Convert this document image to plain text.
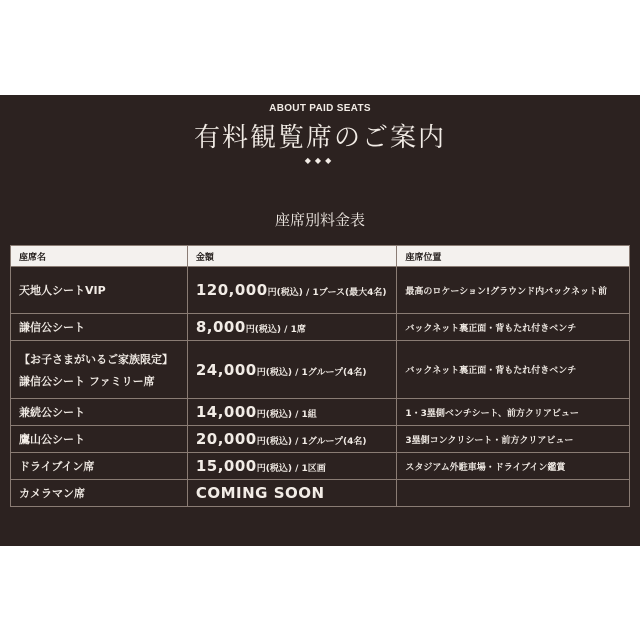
ABOUT PAID SEATS
有料観覧席のご案内
◆◆◆
座席別料金表
座席名	金額	座席位置

天地人シートVIP	120,000円(税込) / 1ブース(最大4名)	最高のロケーション!グラウンド内バックネット前

謙信公シート	8,000円(税込) / 1席	バックネット裏正面・背もたれ付きベンチ

【お子さまがいるご家族限定】
謙信公シート ファミリー席	24,000円(税込) / 1グループ(4名)	バックネット裏正面・背もたれ付きベンチ

兼続公シート	14,000円(税込) / 1組	1・3塁側ベンチシート、前方クリアビュー

鷹山公シート	20,000円(税込) / 1グループ(4名)	3塁側コンクリシート・前方クリアビュー

ドライブイン席	15,000円(税込) / 1区画	スタジアム外駐車場・ドライブイン鑑賞

カメラマン席	COMING SOON	
